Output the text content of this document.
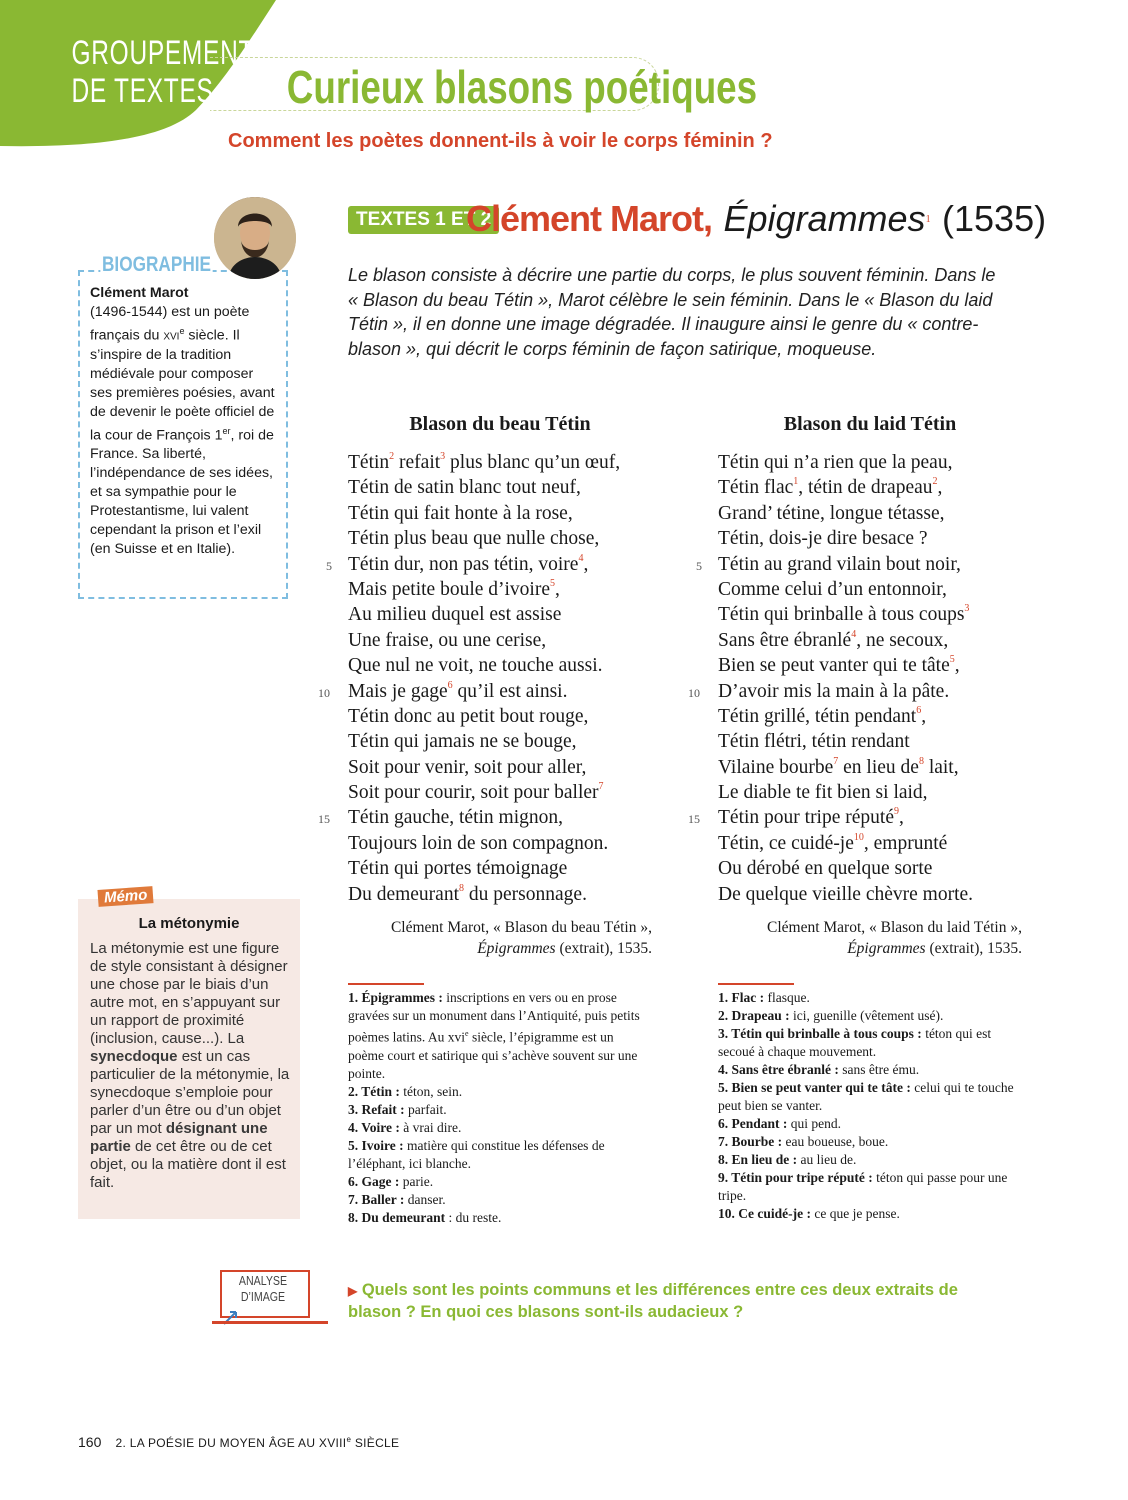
GROUPEMENT
DE TEXTES	Curieux blasons poétiques
Comment les poètes donnent-ils à voir le corps féminin ?
TEXTES 1 ET 2
Clément Marot, Épigrammes$^1$ (1535)
Le blason consiste à décrire une partie du corps, le plus souvent féminin. Dans le « Blason du beau Tétin », Marot célèbre le sein féminin. Dans le « Blason du laid Tétin », il en donne une image dégradée. Il inaugure ainsi le genre du « contre-blason », qui décrit le corps féminin de façon satirique, moqueuse.
BIOGRAPHIE
Clément Marot
(1496-1544) est un poète français du xvi$^e$ siècle. Il s’inspire de la tradition médiévale pour composer ses premières poésies, avant de devenir le poète officiel de la cour de François 1er, roi de France. Sa liberté, l’indépendance de ses idées, et sa sympathie pour le Protestantisme, lui valent cependant la prison et l’exil (en Suisse et en Italie).
Mémo
La métonymie
La métonymie est une figure de style consistant à désigner une chose par le biais d’un autre mot, en s’appuyant sur un rapport de proximité (inclusion, cause...). La synecdoque est un cas particulier de la métonymie, la synecdoque s’emploie pour parler d’un être ou d’un objet par un mot désignant une partie de cet être ou de cet objet, ou la matière dont il est fait.
Blason du beau Tétin
Tétin$^2$ refait$^3$ plus blanc qu’un œuf,
Tétin de satin blanc tout neuf,
Tétin qui fait honte à la rose,
Tétin plus beau que nulle chose,
5 Tétin dur, non pas tétin, voire$^4$,
Mais petite boule d’ivoire$^5$,
Au milieu duquel est assise
Une fraise, ou une cerise,
Que nul ne voit, ne touche aussi.
10 Mais je gage$^6$ qu’il est ainsi.
Tétin donc au petit bout rouge,
Tétin qui jamais ne se bouge,
Soit pour venir, soit pour aller,
Soit pour courir, soit pour baller$^7$
15 Tétin gauche, tétin mignon,
Toujours loin de son compagnon.
Tétin qui portes témoignage
Du demeurant$^8$ du personnage.
Clément Marot, « Blason du beau Tétin »,
Épigrammes (extrait), 1535.
1. Épigrammes : inscriptions en vers ou en prose gravées sur un monument dans l’Antiquité, puis petits poèmes latins. Au xvi$^e$ siècle, l’épigramme est un poème court et satirique qui s’achève souvent sur une pointe.
2. Tétin : téton, sein.
3. Refait : parfait.
4. Voire : à vrai dire.
5. Ivoire : matière qui constitue les défenses de l’éléphant, ici blanche.
6. Gage : parie.
7. Baller : danser.
8. Du demeurant : du reste.
Blason du laid Tétin
Tétin qui n’a rien que la peau,
Tétin flac$^1$, tétin de drapeau$^2$,
Grand’ tétine, longue tétasse,
Tétin, dois-je dire besace ?
5 Tétin au grand vilain bout noir,
Comme celui d’un entonnoir,
Tétin qui brinballe à tous coups$^3$
Sans être ébranlé$^4$, ne secoux,
Bien se peut vanter qui te tâte$^5$,
10 D’avoir mis la main à la pâte.
Tétin grillé, tétin pendant$^6$,
Tétin flétri, tétin rendant
Vilaine bourbe$^7$ en lieu $de^8$ lait,
Le diable te fit bien si laid,
15 Tétin pour tripe réputé$^9$,
Tétin, ce cuidé-$je^{10}$, emprunté
Ou dérobé en quelque sorte
De quelque vieille chèvre morte.
Clément Marot, « Blason du laid Tétin »,
Épigrammes (extrait), 1535.
1. Flac : flasque.
2. Drapeau : ici, guenille (vêtement usé).
3. Tétin qui brinballe à tous coups : téton qui est secoué à chaque mouvement.
4. Sans être ébranlé : sans être ému.
5. Bien se peut vanter qui te tâte : celui qui te touche peut bien se vanter.
6. Pendant : qui pend.
7. Bourbe : eau boueuse, boue.
8. En lieu de : au lieu de.
9. Tétin pour tripe réputé : téton qui passe pour une tripe.
10. Ce cuidé-je : ce que je pense.
ANALYSE
D’IMAGE	▶ Quels sont les points communs et les différences entre ces deux extraits de blason ? En quoi ces blasons sont-ils audacieux ?
160 2. LA POÉSIE DU MOYEN ÂGE AU XVIIIe SIÈCLE
